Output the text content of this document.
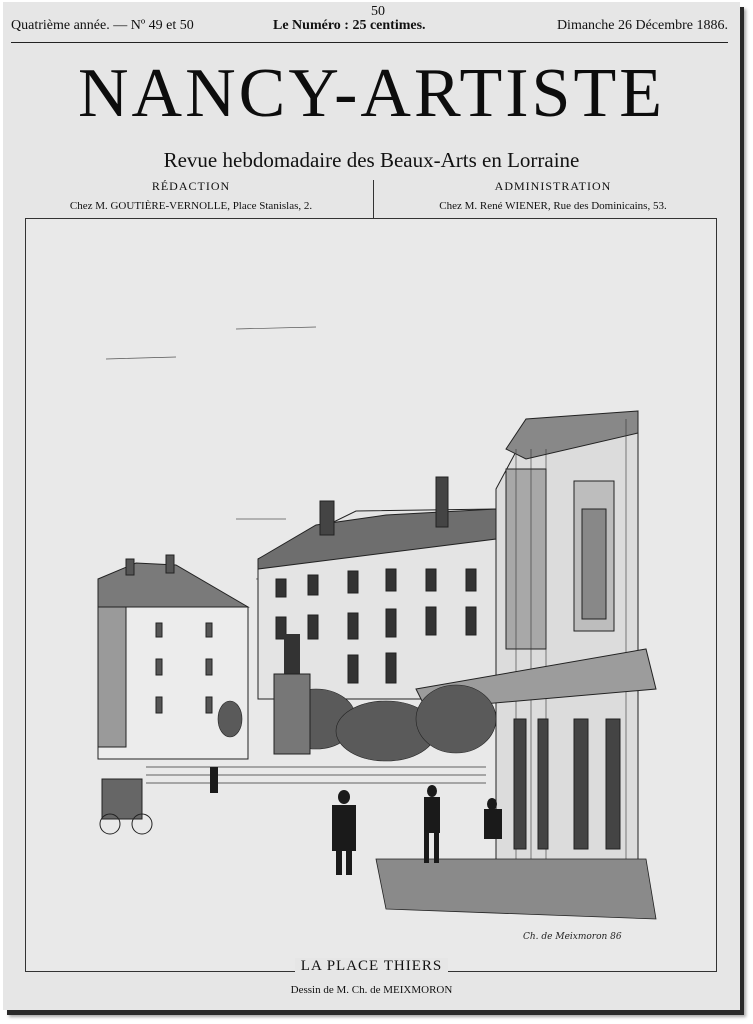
50
Quatrième année. — Nº 49 et 50	Le Numéro : 25 centimes.	Dimanche 26 Décembre 1886.
NANCY-ARTISTE
Revue hebdomadaire des Beaux-Arts en Lorraine
RÉDACTION
Chez M. GOUTIÈRE-VERNOLLE, Place Stanislas, 2.
ADMINISTRATION
Chez M. René WIENER, Rue des Dominicains, 53.
Ch. de Meixmoron 86
LA PLACE THIERS
Dessin de M. Ch. de MEIXMORON
